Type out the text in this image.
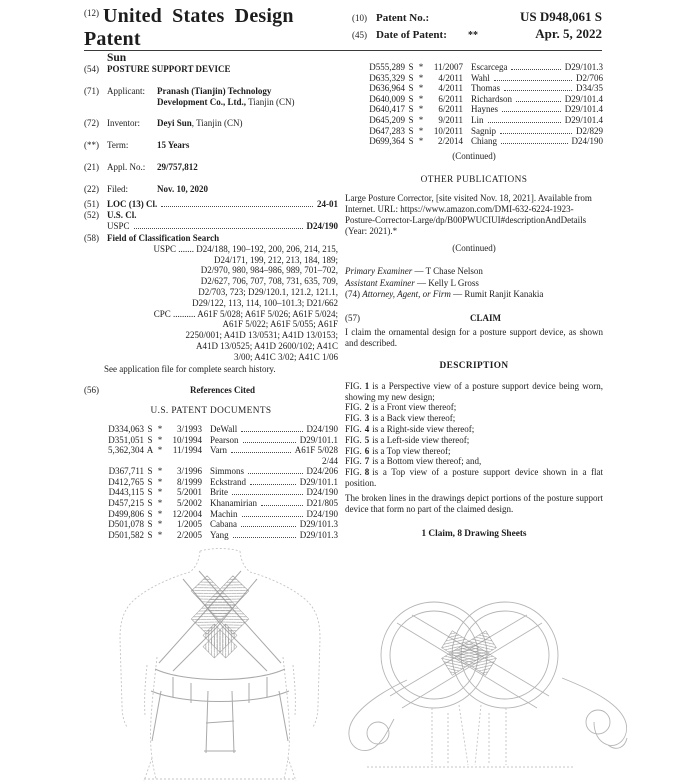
$^{(12)}$ United States Design Patent
Sun
(10) Patent No.:	US D948,061 S
(45) Date of Patent:	**	Apr. 5, 2022
(54) POSTURE SUPPORT DEVICE
(71) Applicant:	Pranash (Tianjin) Technology
Development Co., Ltd., Tianjin (CN)
(72) Inventor:	Deyi Sun, Tianjin (CN)
(**) Term:	15 Years
(21) Appl. No.:	29/757,812
(22) Filed:	Nov. 10, 2020
(51) LOC (13) Cl.	24-01
(52) U.S. Cl.
USPC	D24/190
(58) Field of Classification Search
USPC ....... D24/188, 190–192, 200, 206, 214, 215,
D24/171, 199, 212, 213, 184, 189;
D2/970, 980, 984–986, 989, 701–702,
D2/627, 706, 707, 708, 731, 635, 709,
D2/703, 723; D29/120.1, 121.2, 121.1,
D29/122, 113, 114, 100–101.3; D21/662
CPC .......... A61F 5/028; A61F 5/026; A61F 5/024;
A61F 5/022; A61F 5/055; A61F
2250/001; A41D 13/0531; A41D 13/0153;
A41D 13/0525; A41D 2600/102; A41C
3/00; A41C 3/02; A41C 1/06
See application file for complete search history.
(56)	References Cited
U.S. PATENT DOCUMENTS
D334,063 S *	3/1993 DeWall	D24/190
D351,051 S *	10/1994 Pearson	D29/101.1
5,362,304 A *	11/1994 Varn	A61F 5/028
2/44
D367,711 S *	3/1996 Simmons	D24/206
D412,765 S *	8/1999 Eckstrand	D29/101.1
D443,115 S *	5/2001 Brite	D24/190
D457,215 S *	5/2002 Khanamirian	D21/805
D499,806 S *	12/2004 Machin	D24/190
D501,078 S *	1/2005 Cabana	D29/101.3
D501,582 S *	2/2005 Yang	D29/101.3
D555,289 S *	11/2007 Escarcega	D29/101.3
D635,329 S *	4/2011 Wahl	D2/706
D636,964 S *	4/2011 Thomas	D34/35
D640,009 S *	6/2011 Richardson	D29/101.4
D640,417 S *	6/2011 Haynes	D29/101.4
D645,209 S *	9/2011 Lin	D29/101.4
D647,283 S *	10/2011 Sagnip	D2/829
D699,364 S *	2/2014 Chiang	D24/190
(Continued)
OTHER PUBLICATIONS
Large Posture Corrector, [site visited Nov. 18, 2021]. Available from
Internet. URL: https://www.amazon.com/DMI-632-6224-1923-
Posture-Corrector-Large/dp/B00PWUCIUI#descriptionAndDetails
(Year: 2021).*
(Continued)
Primary Examiner — T Chase Nelson
Assistant Examiner — Kelly L Gross
(74) Attorney, Agent, or Firm — Rumit Ranjit Kanakia
(57)	CLAIM
I claim the ornamental design for a posture support device, as shown and described.
DESCRIPTION
FIG. 1 is a Perspective view of a posture support device being worn, showing my new design;
FIG. 2 is a Front view thereof;
FIG. 3 is a Back view thereof;
FIG. 4 is a Right-side view thereof;
FIG. 5 is a Left-side view thereof;
FIG. 6 is a Top view thereof;
FIG. 7 is a Bottom view thereof; and,
FIG. 8 is a Top view of a posture support device shown in a flat position.
The broken lines in the drawings depict portions of the posture support device that form no part of the claimed design.
1 Claim, 8 Drawing Sheets
